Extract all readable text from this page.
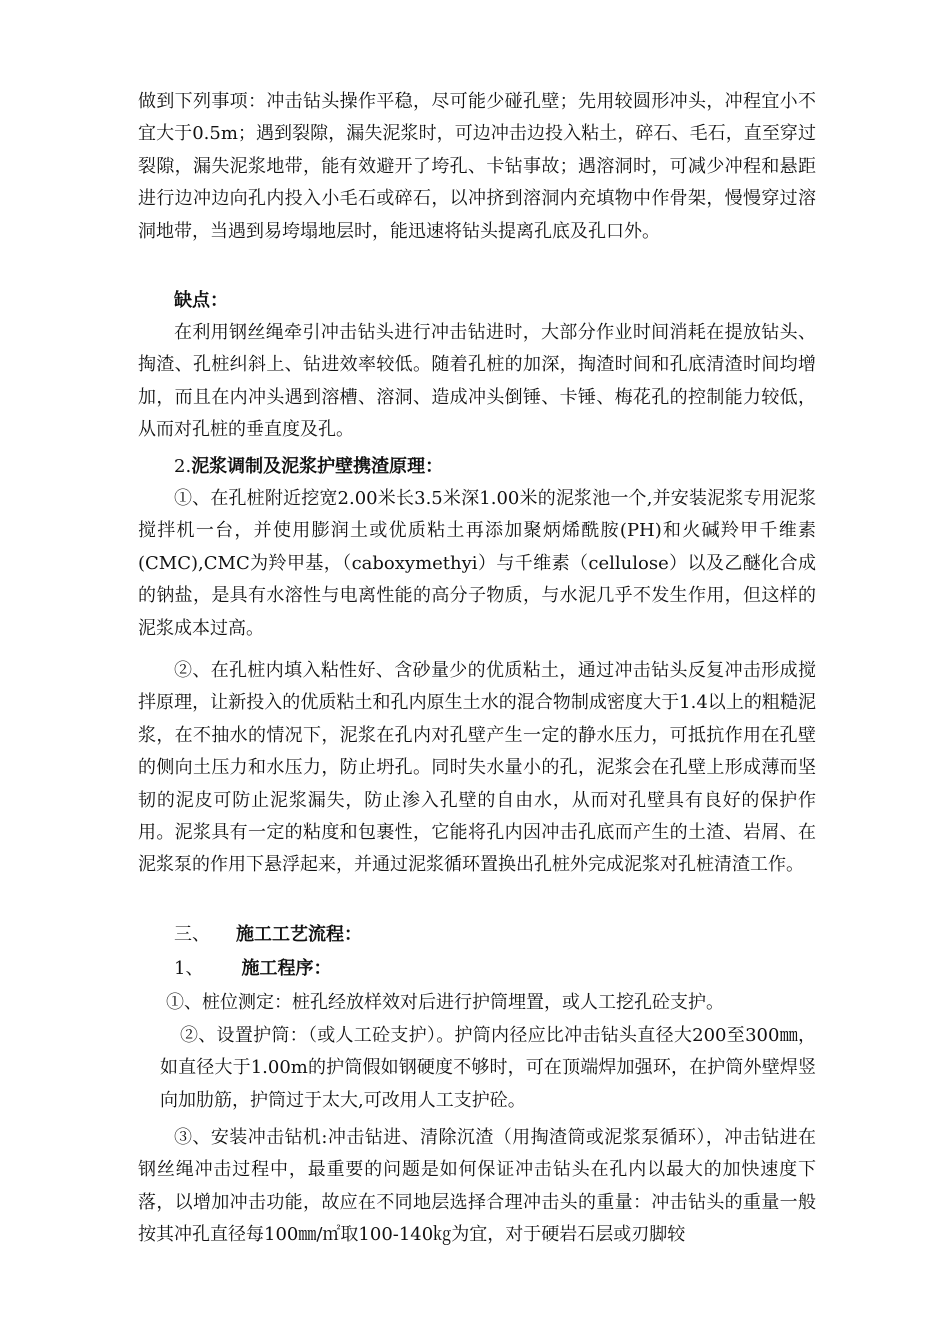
做到下列事项：冲击钻头操作平稳，尽可能少碰孔壁；先用较圆形冲头，冲程宜小不宜大于0.5m；遇到裂隙，漏失泥浆时，可边冲击边投入粘土，碎石、毛石，直至穿过裂隙，漏失泥浆地带，能有效避开了垮孔、卡钻事故；遇溶洞时，可减少冲程和悬距进行边冲边向孔内投入小毛石或碎石，以冲挤到溶洞内充填物中作骨架，慢慢穿过溶洞地带，当遇到易垮塌地层时，能迅速将钻头提离孔底及孔口外。

缺点：

在利用钢丝绳牵引冲击钻头进行冲击钻进时，大部分作业时间消耗在提放钻头、掏渣、孔桩纠斜上、钻进效率较低。随着孔桩的加深，掏渣时间和孔底清渣时间均增加，而且在内冲头遇到溶槽、溶洞、造成冲头倒锤、卡锤、梅花孔的控制能力较低，从而对孔桩的垂直度及孔。

2.泥浆调制及泥浆护壁携渣原理：

①、在孔桩附近挖宽2.00米长3.5米深1.00米的泥浆池一个,并安装泥浆专用泥浆搅拌机一台，并使用膨润土或优质粘土再添加聚炳烯酰胺(PH)和火碱羚甲千维素(CMC),CMC为羚甲基，（caboxymethyi）与千维素（cellulose）以及乙醚化合成的钠盐，是具有水溶性与电离性能的高分子物质，与水泥几乎不发生作用，但这样的泥浆成本过高。

②、在孔桩内填入粘性好、含砂量少的优质粘土，通过冲击钻头反复冲击形成搅拌原理，让新投入的优质粘土和孔内原生土水的混合物制成密度大于1.4以上的粗糙泥浆，在不抽水的情况下，泥浆在孔内对孔壁产生一定的静水压力，可抵抗作用在孔壁的侧向土压力和水压力，防止坍孔。同时失水量小的孔，泥浆会在孔壁上形成薄而坚韧的泥皮可防止泥浆漏失，防止渗入孔壁的自由水，从而对孔壁具有良好的保护作用。泥浆具有一定的粘度和包裹性，它能将孔内因冲击孔底而产生的土渣、岩屑、在泥浆泵的作用下悬浮起来，并通过泥浆循环置换出孔桩外完成泥浆对孔桩清渣工作。

三、 施工工艺流程：

1、 施工程序：

①、桩位测定：桩孔经放样效对后进行护筒埋置，或人工挖孔砼支护。

②、设置护筒：（或人工砼支护）。护筒内径应比冲击钻头直径大200至300㎜，如直径大于1.00m的护筒假如钢硬度不够时，可在顶端焊加强环，在护筒外壁焊竖向加肋筋，护筒过于太大,可改用人工支护砼。

③、安装冲击钻机:冲击钻进、清除沉渣（用掏渣筒或泥浆泵循环），冲击钻进在钢丝绳冲击过程中，最重要的问题是如何保证冲击钻头在孔内以最大的加快速度下落，以增加冲击功能，故应在不同地层选择合理冲击头的重量：冲击钻头的重量一般按其冲孔直径每100㎜/㎡取100-140㎏为宜，对于硬岩石层或刃脚较
